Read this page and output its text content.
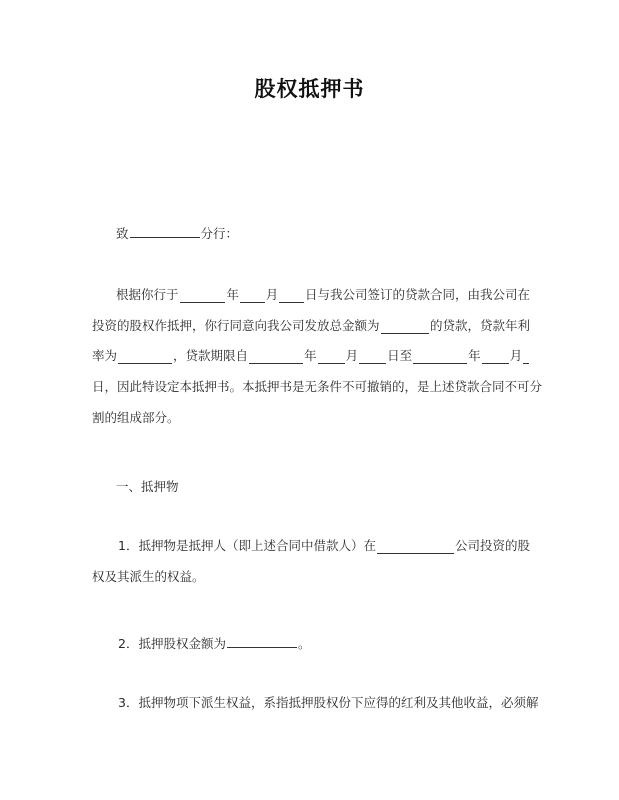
股权抵押书
致	分行：
根据你行于	年 月 日与我公司签订的贷款合同，由我公司在
投资的股权作抵押，你行同意向我公司发放总金额为	的贷款，贷款年利
率为	，贷款期限自	年 月 日至	年 月
日，因此特设定本抵押书。本抵押书是无条件不可撤销的，是上述贷款合同不可分
割的组成部分。
一、抵押物
1．抵押物是抵押人（即上述合同中借款人）在	公司投资的股
权及其派生的权益。
2．抵押股权金额为	。
3．抵押物项下派生权益，系指抵押股权份下应得的红利及其他收益，必须解
